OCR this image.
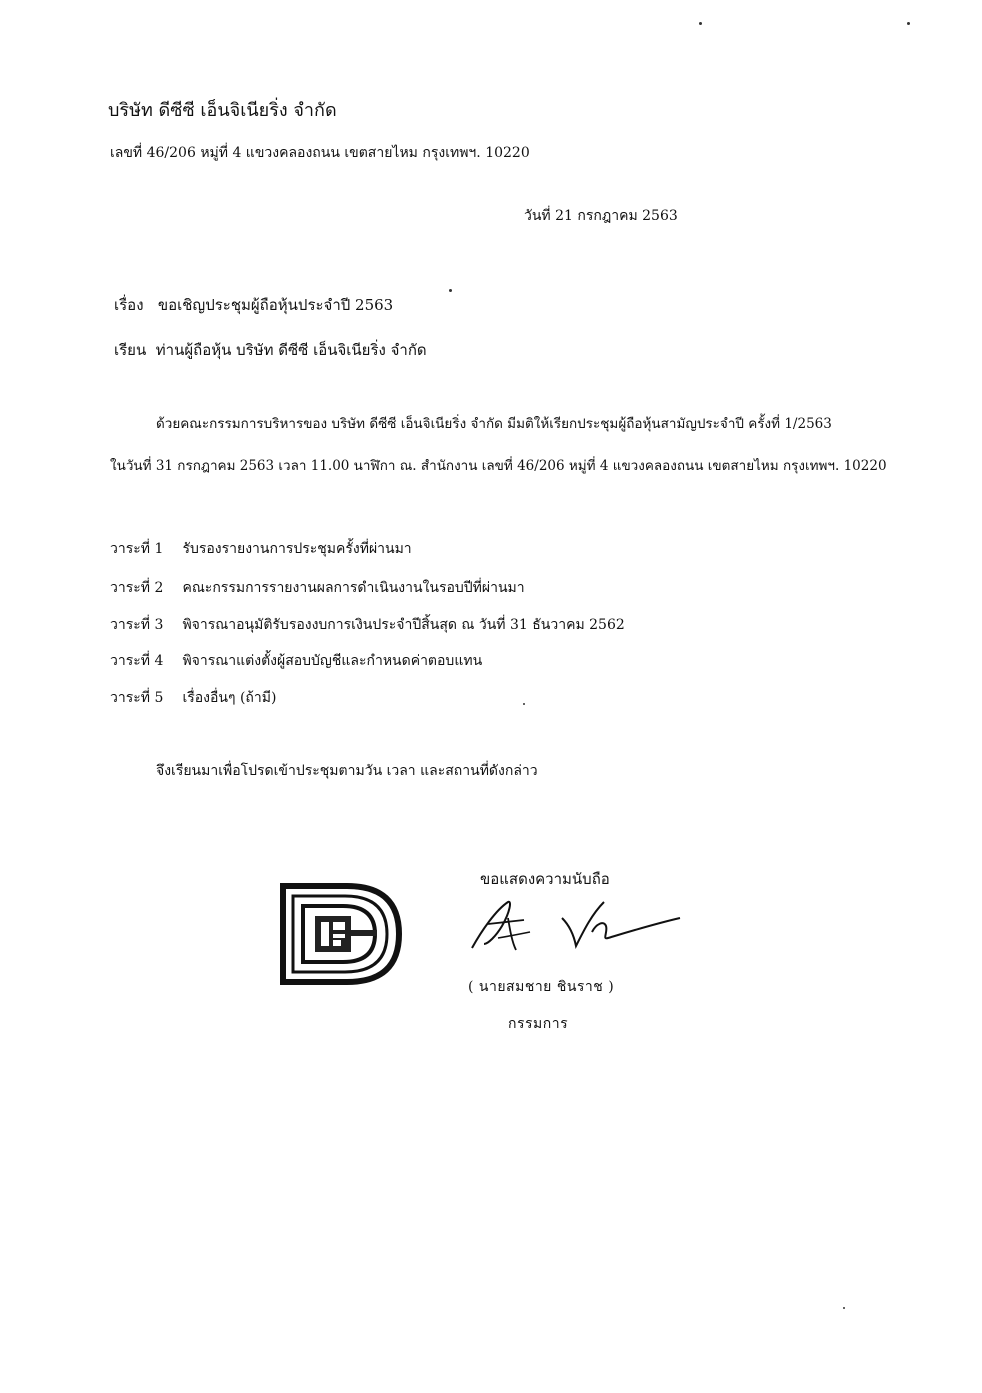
บริษัท ดีซีซี เอ็นจิเนียริ่ง จำกัด
เลขที่ 46/206 หมู่ที่ 4 แขวงคลองถนน เขตสายไหม กรุงเทพฯ. 10220
วันที่ 21 กรกฎาคม 2563
เรื่อง ขอเชิญประชุมผู้ถือหุ้นประจำปี 2563
เรียน ท่านผู้ถือหุ้น บริษัท ดีซีซี เอ็นจิเนียริ่ง จำกัด
ด้วยคณะกรรมการบริหารของ บริษัท ดีซีซี เอ็นจิเนียริ่ง จำกัด มีมติให้เรียกประชุมผู้ถือหุ้นสามัญประจำปี ครั้งที่ 1/2563
ในวันที่ 31 กรกฎาคม 2563 เวลา 11.00 นาฬิกา ณ. สำนักงาน เลขที่ 46/206 หมู่ที่ 4 แขวงคลองถนน เขตสายไหม กรุงเทพฯ. 10220
วาระที่ 1 รับรองรายงานการประชุมครั้งที่ผ่านมา
วาระที่ 2 คณะกรรมการรายงานผลการดำเนินงานในรอบปีที่ผ่านมา
วาระที่ 3 พิจารณาอนุมัติรับรองงบการเงินประจำปีสิ้นสุด ณ วันที่ 31 ธันวาคม 2562
วาระที่ 4 พิจารณาแต่งตั้งผู้สอบบัญชีและกำหนดค่าตอบแทน
วาระที่ 5 เรื่องอื่นๆ (ถ้ามี)
จึงเรียนมาเพื่อโปรดเข้าประชุมตามวัน เวลา และสถานที่ดังกล่าว
ขอแสดงความนับถือ
( นายสมชาย ชินราช )
กรรมการ
